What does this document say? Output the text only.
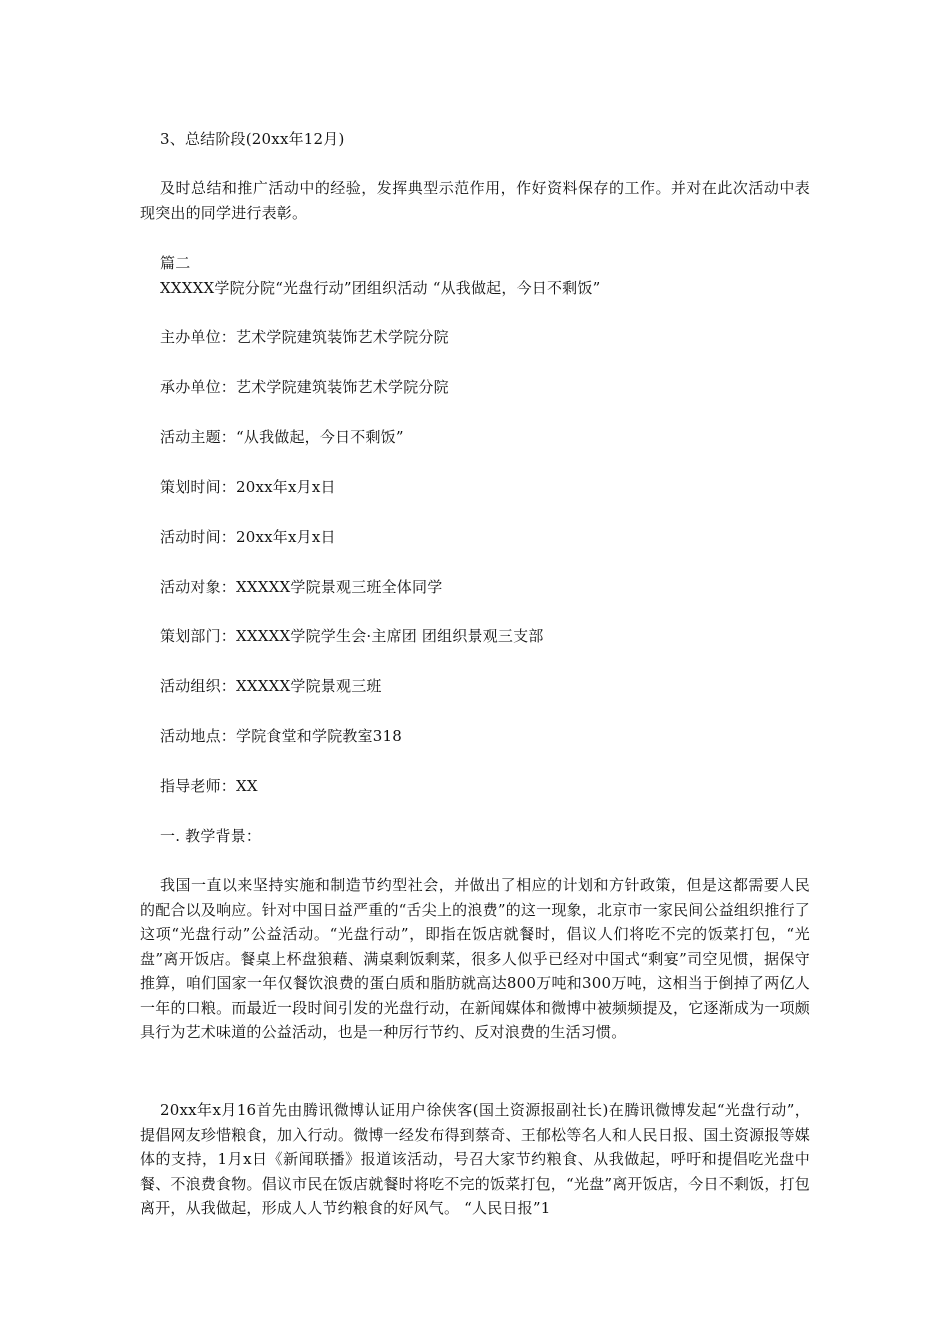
3、总结阶段(20xx年12月)
及时总结和推广活动中的经验，发挥典型示范作用，作好资料保存的工作。并对在此次活动中表现突出的同学进行表彰。
篇二
XXXXX学院分院“光盘行动”团组织活动 “从我做起，今日不剩饭”
主办单位：艺术学院建筑装饰艺术学院分院
承办单位：艺术学院建筑装饰艺术学院分院
活动主题：“从我做起，今日不剩饭”
策划时间：20xx年x月x日
活动时间：20xx年x月x日
活动对象：XXXXX学院景观三班全体同学
策划部门：XXXXX学院学生会·主席团 团组织景观三支部
活动组织：XXXXX学院景观三班
活动地点：学院食堂和学院教室318
指导老师：XX
一. 教学背景：
我国一直以来坚持实施和制造节约型社会，并做出了相应的计划和方针政策，但是这都需要人民的配合以及响应。针对中国日益严重的“舌尖上的浪费”的这一现象，北京市一家民间公益组织推行了这项“光盘行动”公益活动。“光盘行动”，即指在饭店就餐时，倡议人们将吃不完的饭菜打包，“光盘”离开饭店。餐桌上杯盘狼藉、满桌剩饭剩菜，很多人似乎已经对中国式“剩宴”司空见惯，据保守推算，咱们国家一年仅餐饮浪费的蛋白质和脂肪就高达800万吨和300万吨，这相当于倒掉了两亿人一年的口粮。而最近一段时间引发的光盘行动，在新闻媒体和微博中被频频提及，它逐渐成为一项颇具行为艺术味道的公益活动，也是一种厉行节约、反对浪费的生活习惯。
20xx年x月16首先由腾讯微博认证用户徐侠客(国土资源报副社长)在腾讯微博发起“光盘行动”，提倡网友珍惜粮食，加入行动。微博一经发布得到蔡奇、王郁松等名人和人民日报、国土资源报等媒体的支持，1月x日《新闻联播》报道该活动，号召大家节约粮食、从我做起，呼吁和提倡吃光盘中餐、不浪费食物。倡议市民在饭店就餐时将吃不完的饭菜打包，“光盘”离开饭店，今日不剩饭，打包离开，从我做起，形成人人节约粮食的好风气。 “人民日报”1
